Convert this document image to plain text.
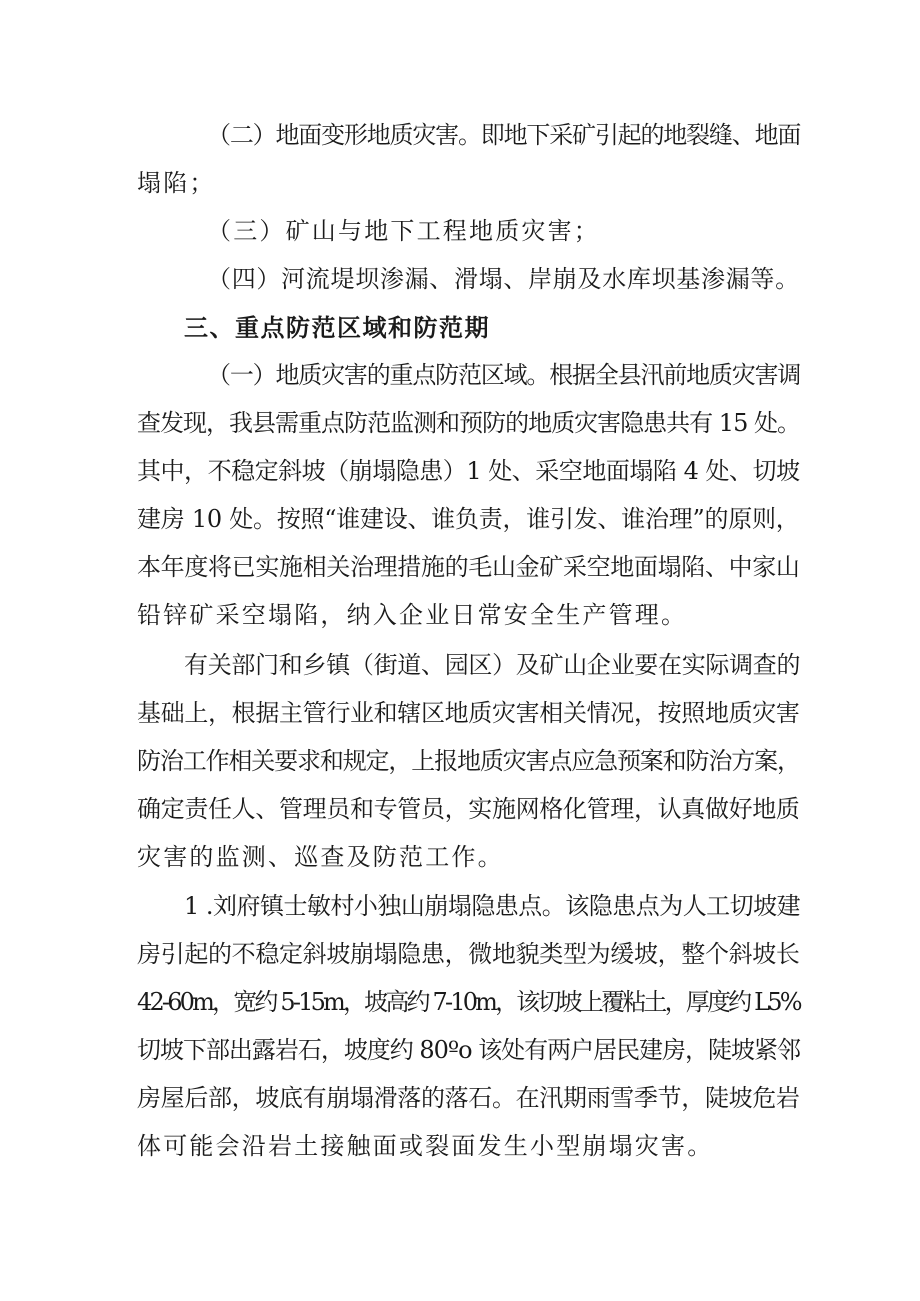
（二）地面变形地质灾害。即地下采矿引起的地裂缝、地面
塌陷；
（三）矿山与地下工程地质灾害；
（四）河流堤坝渗漏、滑塌、岸崩及水库坝基渗漏等。
三、重点防范区域和防范期
（一）地质灾害的重点防范区域。根据全县汛前地质灾害调
查发现，我县需重点防范监测和预防的地质灾害隐患共有 15 处。
其中，不稳定斜坡（崩塌隐患）1 处、采空地面塌陷 4 处、切坡
建房 10 处。按照“谁建设、谁负责，谁引发、谁治理”的原则，
本年度将已实施相关治理措施的毛山金矿采空地面塌陷、中家山
铅锌矿采空塌陷，纳入企业日常安全生产管理。
有关部门和乡镇（街道、园区）及矿山企业要在实际调查的
基础上，根据主管行业和辖区地质灾害相关情况，按照地质灾害
防治工作相关要求和规定，上报地质灾害点应急预案和防治方案，
确定责任人、管理员和专管员，实施网格化管理，认真做好地质
灾害的监测、巡查及防范工作。
1 .刘府镇士敏村小独山崩塌隐患点。该隐患点为人工切坡建
房引起的不稳定斜坡崩塌隐患，微地貌类型为缓坡，整个斜坡长
42-60m，宽约 5-15m，坡高约 7-10m，该切坡上覆粘土，厚度约 L5%
切坡下部出露岩石，坡度约 80ºo 该处有两户居民建房，陡坡紧邻
房屋后部，坡底有崩塌滑落的落石。在汛期雨雪季节，陡坡危岩
体可能会沿岩土接触面或裂面发生小型崩塌灾害。
